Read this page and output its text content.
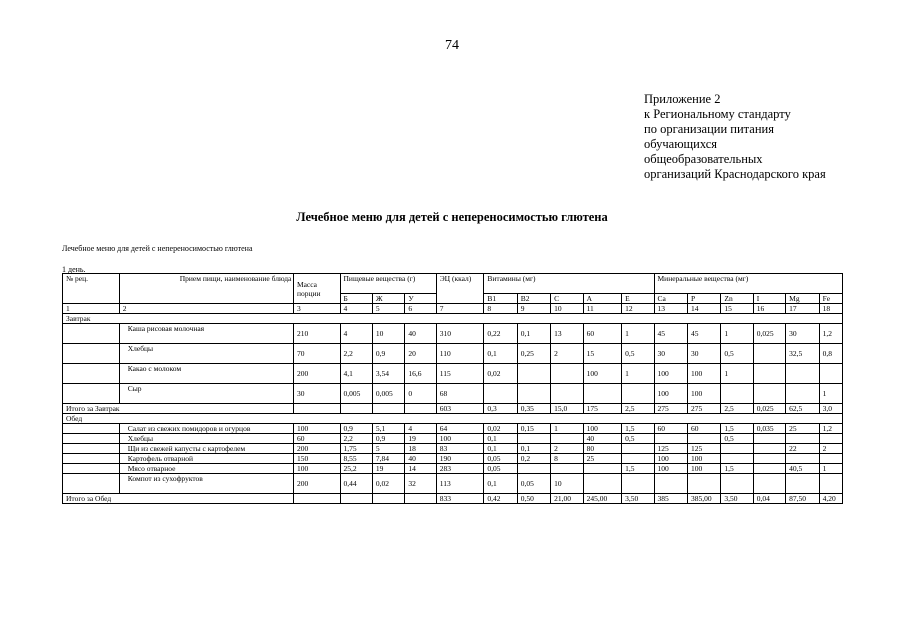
74
Приложение 2
к Региональному стандарту
по организации питания
обучающихся
общеобразовательных
организаций Краснодарского края
Лечебное меню для детей с непереносимостью глютена
Лечебное меню для детей с непереносимостью глютена
1 день.
№ рец.	Прием пищи, наименование блюда	Масса порции	Пищевые вещества (г)			ЭЦ (ккал)	Витамины (мг)					Минеральные вещества (мг)					
			Б	Ж	У		B1	B2	C	A	E	Ca	P	Zn	I	Mg	Fe
1	2	3	4	5	6	7	8	9	10	11	12	13	14	15	16	17	18
Завтрак																	
	Каша рисовая молочная	210	4	10	40	310	0,22	0,1	13	60	1	45	45	1	0,025	30	1,2
	Хлебцы	70	2,2	0,9	20	110	0,1	0,25	2	15	0,5	30	30	0,5		32,5	0,8
	Какао с молоком	200	4,1	3,54	16,6	115	0,02			100	1	100	100	1			
	Сыр	30	0,005	0,005	0	68						100	100				1
Итого за Завтрак						603	0,3	0,35	15,0	175	2,5	275	275	2,5	0,025	62,5	3,0
Обед																	
	Салат из свежих помидоров и огурцов	100	0,9	5,1	4	64	0,02	0,15	1	100	1,5	60	60	1,5	0,035	25	1,2
	Хлебцы	60	2,2	0,9	19	100	0,1			40	0,5			0,5			
	Щи из свежей капусты с картофелем	200	1,75	5	18	83	0,1	0,1	2	80		125	125			22	2
	Картофель отварной	150	8,55	7,84	40	190	0,05	0,2	8	25		100	100				
	Мясо отварное	100	25,2	19	14	283	0,05				1,5	100	100	1,5		40,5	1
	Компот из сухофруктов	200	0,44	0,02	32	113	0,1	0,05	10								
Итого за Обед						833	0,42	0,50	21,00	245,00	3,50	385	385,00	3,50	0,04	87,50	4,20
